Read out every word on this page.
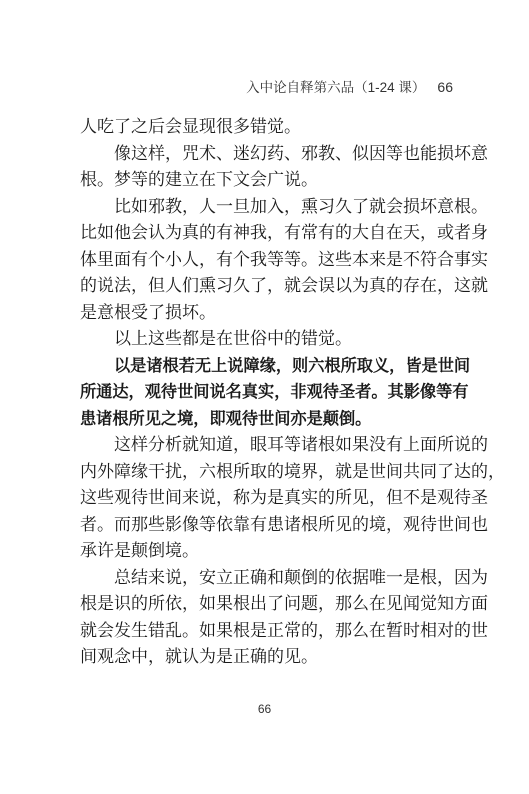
入中论自释第六品（1-24 课） 66

人吃了之后会显现很多错觉。

像这样，咒术、迷幻药、邪教、似因等也能损坏意
根。梦等的建立在下文会广说。

比如邪教，人一旦加入，熏习久了就会损坏意根。
比如他会认为真的有神我，有常有的大自在天，或者身
体里面有个小人，有个我等等。这些本来是不符合事实
的说法，但人们熏习久了，就会误以为真的存在，这就
是意根受了损坏。

以上这些都是在世俗中的错觉。

以是诸根若无上说障缘，则六根所取义，皆是世间
所通达，观待世间说名真实，非观待圣者。其影像等有
患诸根所见之境，即观待世间亦是颠倒。

这样分析就知道，眼耳等诸根如果没有上面所说的
内外障缘干扰，六根所取的境界，就是世间共同了达的，
这些观待世间来说，称为是真实的所见，但不是观待圣
者。而那些影像等依靠有患诸根所见的境，观待世间也
承许是颠倒境。

总结来说，安立正确和颠倒的依据唯一是根，因为
根是识的所依，如果根出了问题，那么在见闻觉知方面
就会发生错乱。如果根是正常的，那么在暂时相对的世
间观念中，就认为是正确的见。

66
